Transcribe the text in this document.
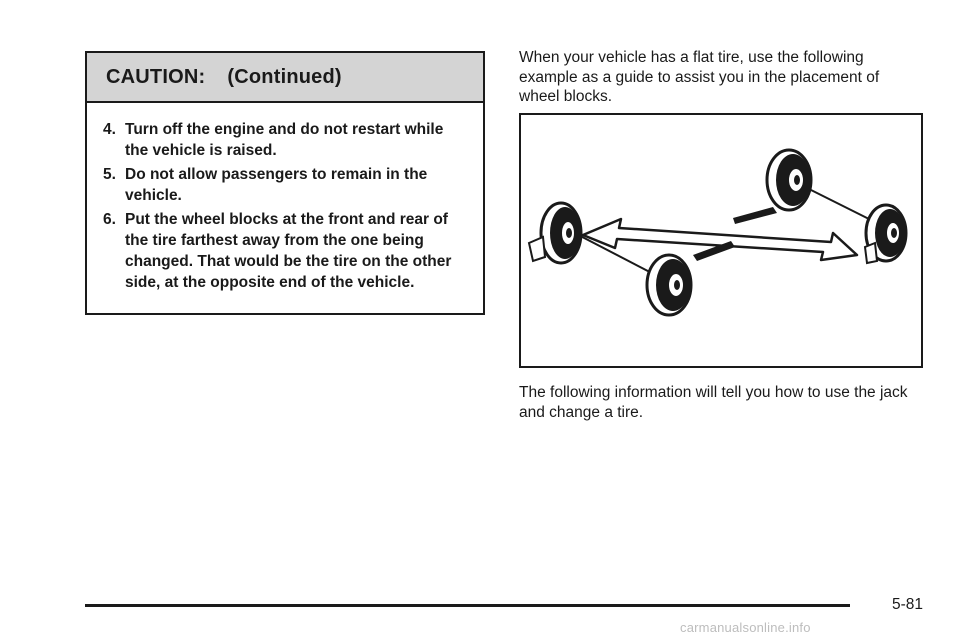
CAUTION: (Continued)
4. Turn off the engine and do not restart while the vehicle is raised.
5. Do not allow passengers to remain in the vehicle.
6. Put the wheel blocks at the front and rear of the tire farthest away from the one being changed. That would be the tire on the other side, at the opposite end of the vehicle.

When your vehicle has a flat tire, use the following example as a guide to assist you in the placement of wheel blocks.

The following information will tell you how to use the jack and change a tire.

5-81
carmanualsonline.info
